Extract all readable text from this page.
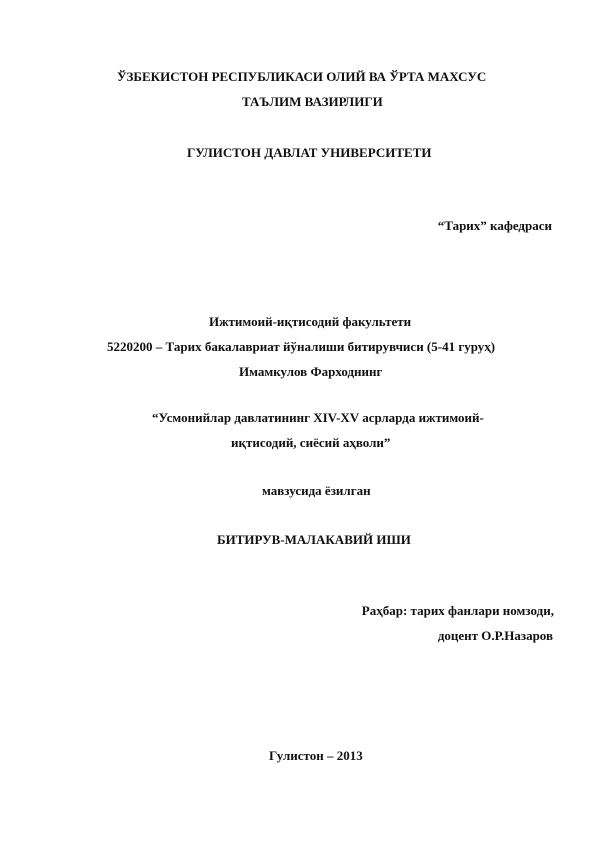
ЎЗБЕКИСТОН РЕСПУБЛИКАСИ ОЛИЙ ВА ЎРТА МАХСУС
ТАЪЛИМ ВАЗИРЛИГИ
ГУЛИСТОН ДАВЛАТ УНИВЕРСИТЕТИ
“Тарих” кафедраси
Ижтимоий-иқтисодий факультети
5220200 – Тарих бакалавриат йўналиши битирувчиси (5-41 гуруҳ)
Имамкулов Фарходнинг
“Усмонийлар давлатининг XIV-XV асрларда ижтимоий-
иқтисодий, сиёсий аҳволи”
мавзусида ёзилган
БИТИРУВ-МАЛАКАВИЙ ИШИ
Раҳбар: тарих фанлари номзоди,
доцент О.Р.Назаров
Гулистон – 2013
